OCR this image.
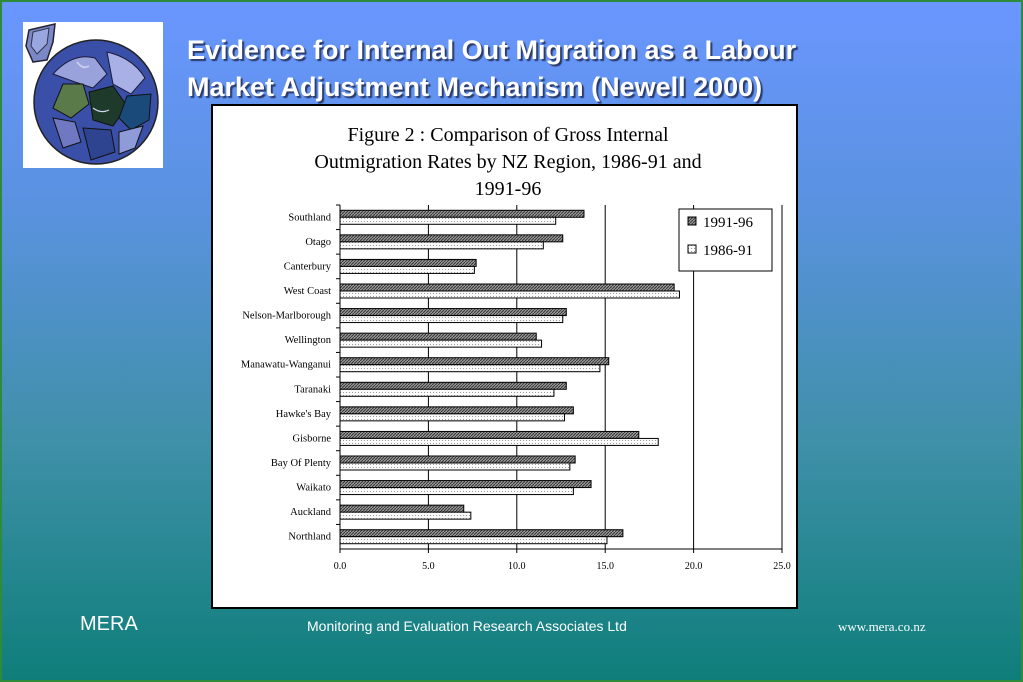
Evidence for Internal Out Migration as a Labour
Market Adjustment Mechanism (Newell 2000)
Figure 2 : Comparison of Gross Internal
Outmigration Rates by NZ Region, 1986-91 and
1991-96
0.0	5.0	10.0	15.0	20.0	25.0
Southland
Otago
Canterbury
West Coast
Nelson-Marlborough
Wellington
Manawatu-Wanganui
Taranaki
Hawke's Bay
Gisborne
Bay Of Plenty
Waikato
Auckland
Northland
1991-96
1986-91
MERA	Monitoring and Evaluation Research Associates Ltd	www.mera.co.nz
